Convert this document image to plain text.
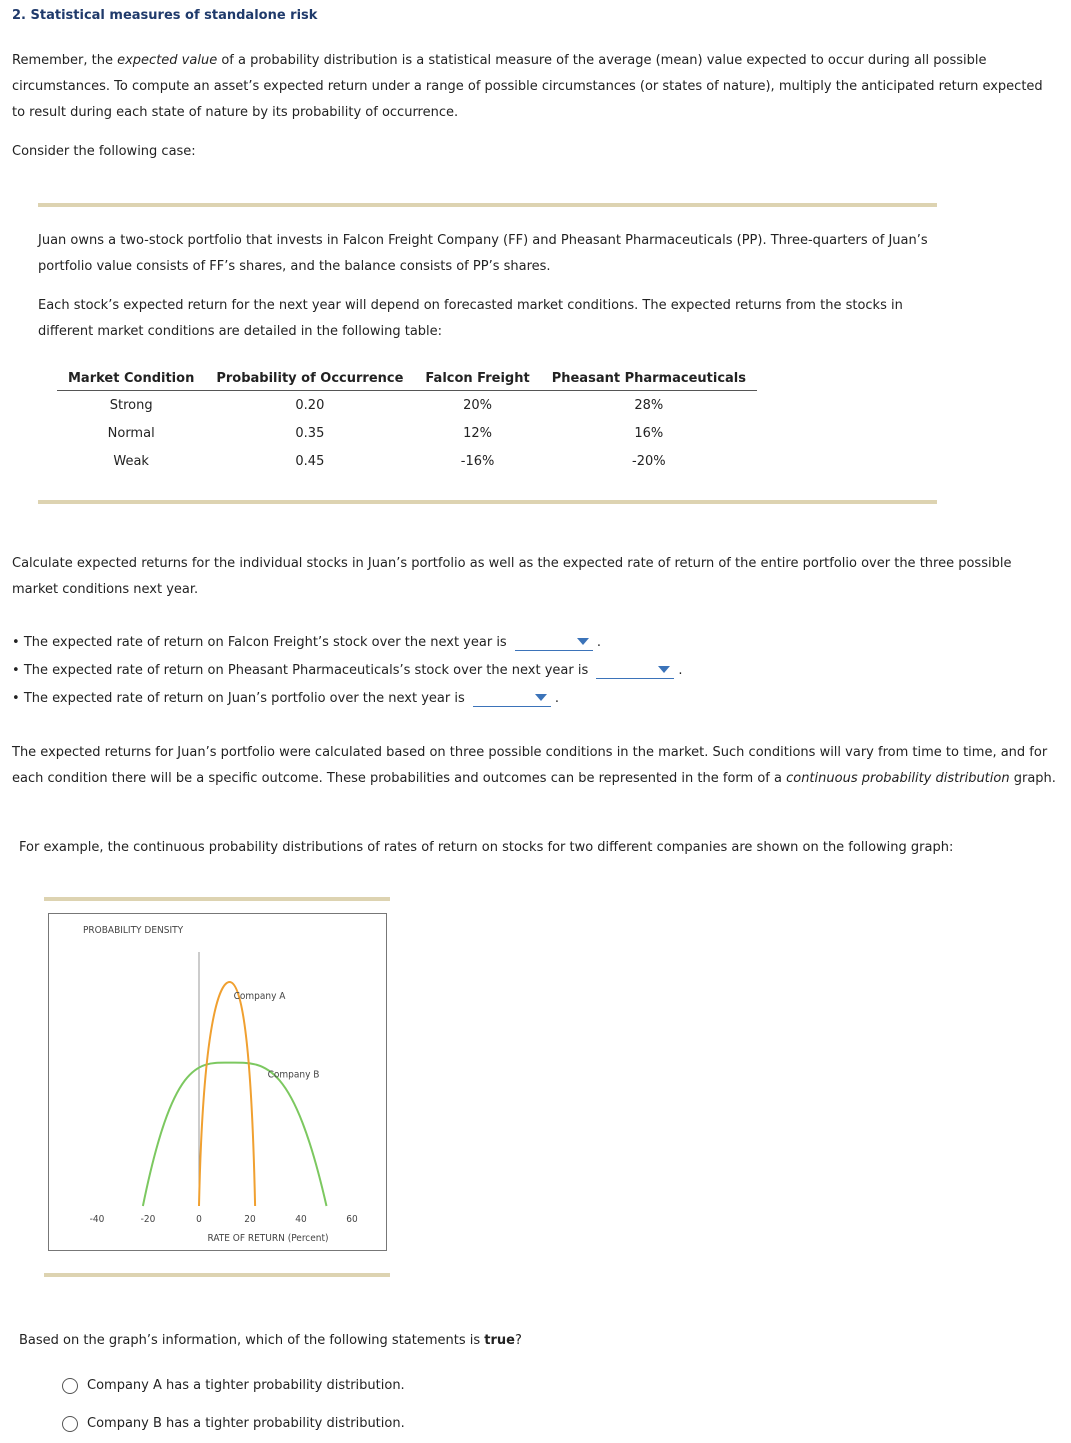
2. Statistical measures of standalone risk

Remember, the expected value of a probability distribution is a statistical measure of the average (mean) value expected to occur during all possible circumstances. To compute an asset’s expected return under a range of possible circumstances (or states of nature), multiply the anticipated return expected to result during each state of nature by its probability of occurrence.

Consider the following case:

Juan owns a two-stock portfolio that invests in Falcon Freight Company (FF) and Pheasant Pharmaceuticals (PP). Three-quarters of Juan’s portfolio value consists of FF’s shares, and the balance consists of PP’s shares.

Each stock’s expected return for the next year will depend on forecasted market conditions. The expected returns from the stocks in different market conditions are detailed in the following table:

Market Condition	Probability of Occurrence	Falcon Freight	Pheasant Pharmaceuticals
Strong	0.20	20%	28%
Normal	0.35	12%	16%
Weak	0.45	-16%	-20%

Calculate expected returns for the individual stocks in Juan’s portfolio as well as the expected rate of return of the entire portfolio over the three possible market conditions next year.

• The expected rate of return on Falcon Freight’s stock over the next year is	.
• The expected rate of return on Pheasant Pharmaceuticals’s stock over the next year is	.
• The expected rate of return on Juan’s portfolio over the next year is	.

The expected returns for Juan’s portfolio were calculated based on three possible conditions in the market. Such conditions will vary from time to time, and for each condition there will be a specific outcome. These probabilities and outcomes can be represented in the form of a continuous probability distribution graph.

For example, the continuous probability distributions of rates of return on stocks for two different companies are shown on the following graph:

PROBABILITY DENSITY
Company A
Company B
-40	-20	0	20	40	60
RATE OF RETURN (Percent)

Based on the graph’s information, which of the following statements is true?

Company A has a tighter probability distribution.
Company B has a tighter probability distribution.
